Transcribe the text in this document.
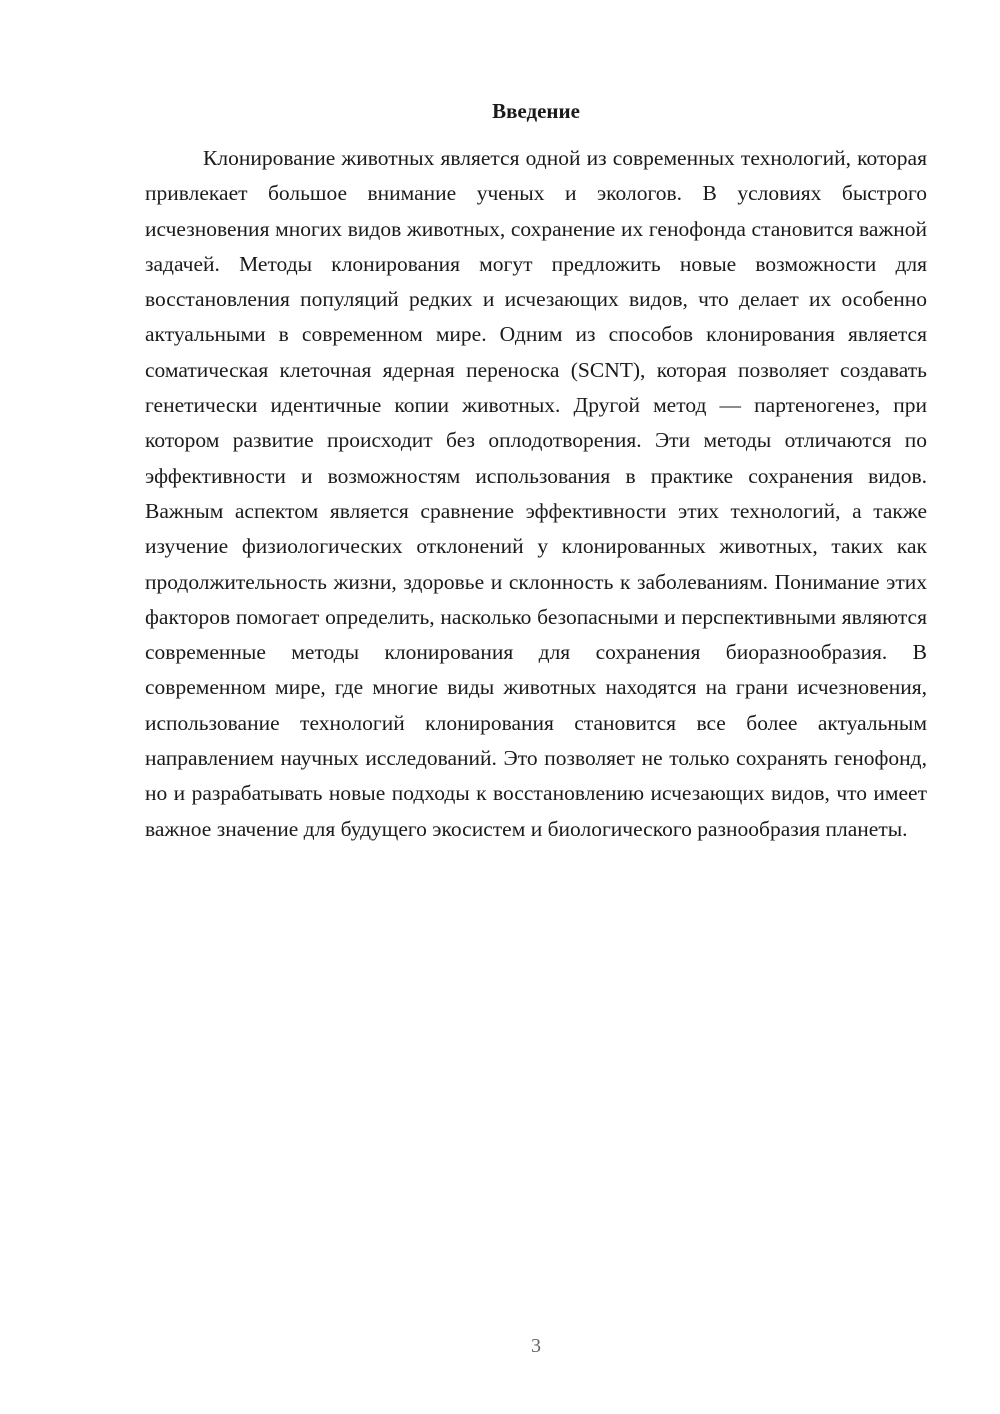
Введение

Клонирование животных является одной из современных технологий, которая привлекает большое внимание ученых и экологов. В условиях быстрого исчезновения многих видов животных, сохранение их генофонда становится важной задачей. Методы клонирования могут предложить новые возможности для восстановления популяций редких и исчезающих видов, что делает их особенно актуальными в современном мире. Одним из способов клонирования является соматическая клеточная ядерная переноска (SCNT), которая позволяет создавать генетически идентичные копии животных. Другой метод — партеногенез, при котором развитие происходит без оплодотворения. Эти методы отличаются по эффективности и возможностям использования в практике сохранения видов. Важным аспектом является сравнение эффективности этих технологий, а также изучение физиологических отклонений у клонированных животных, таких как продолжительность жизни, здоровье и склонность к заболеваниям. Понимание этих факторов помогает определить, насколько безопасными и перспективными являются современные методы клонирования для сохранения биоразнообразия. В современном мире, где многие виды животных находятся на грани исчезновения, использование технологий клонирования становится все более актуальным направлением научных исследований. Это позволяет не только сохранять генофонд, но и разрабатывать новые подходы к восстановлению исчезающих видов, что имеет важное значение для будущего экосистем и биологического разнообразия планеты.

3
